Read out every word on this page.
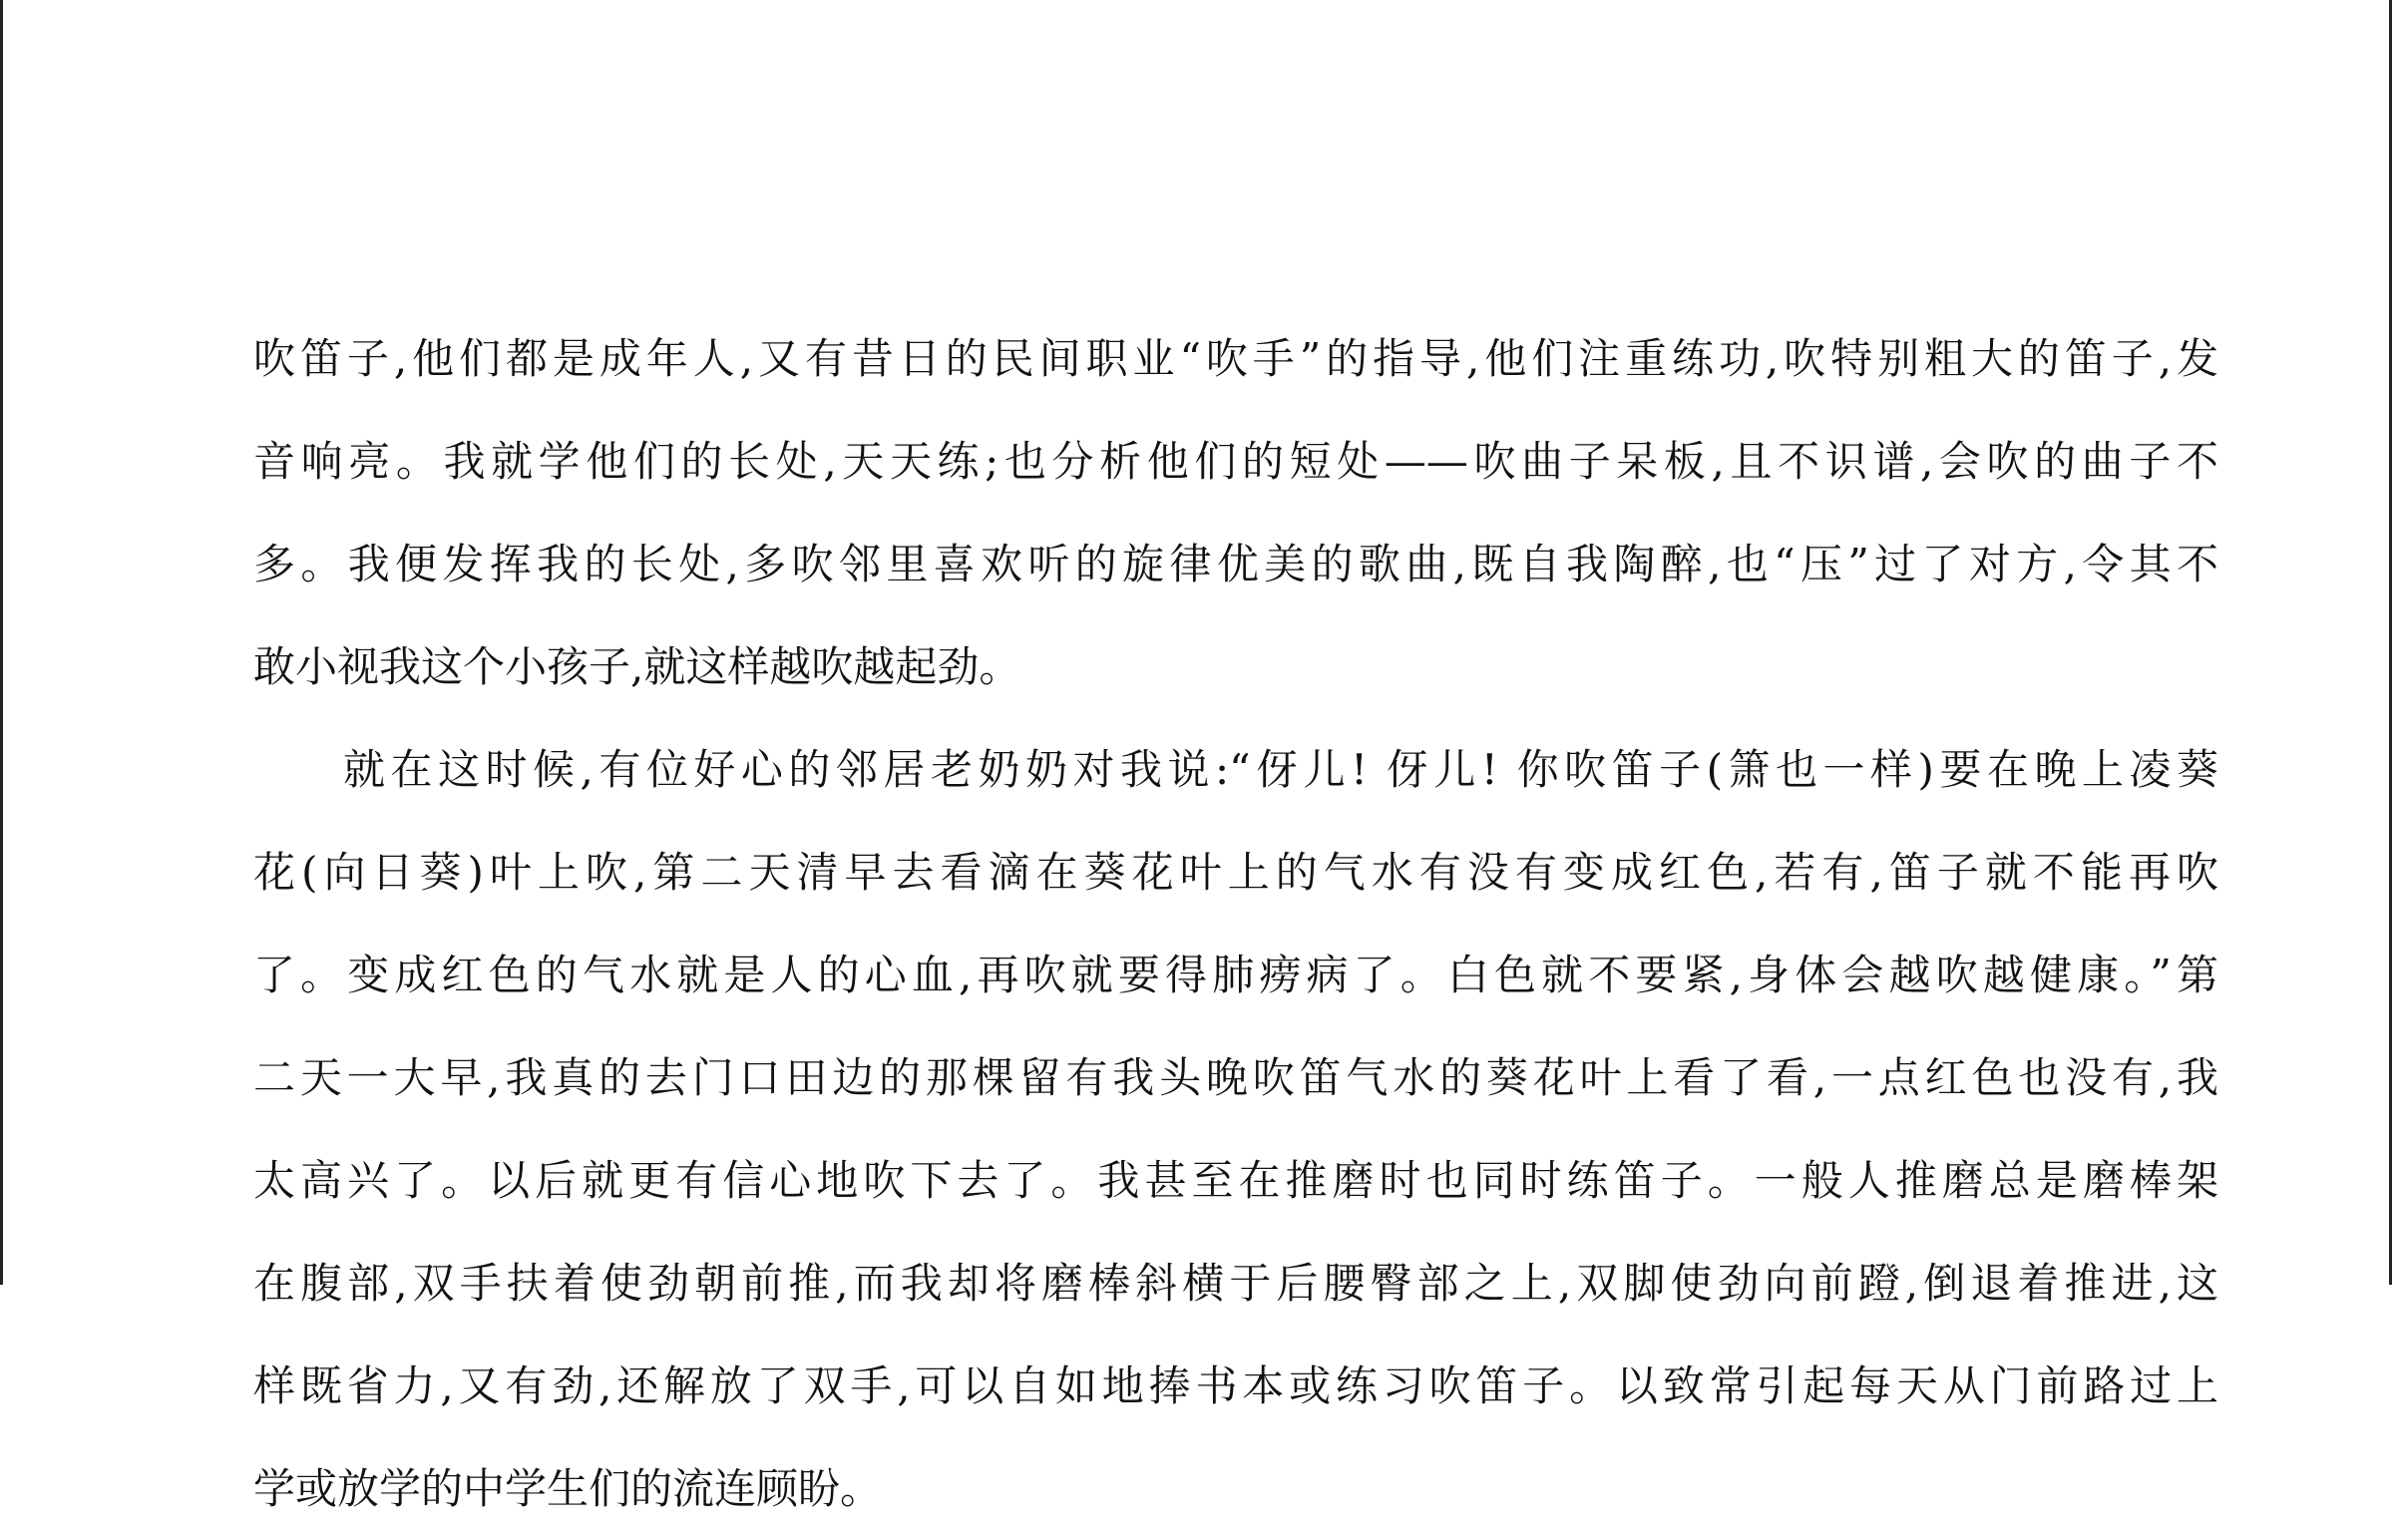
吹笛子,他们都是成年人,又有昔日的民间职业“吹手”的指导,他们注重练功,吹特别粗大的笛子,发
音响亮。我就学他们的长处,天天练;也分析他们的短处——吹曲子呆板,且不识谱,会吹的曲子不
多。我便发挥我的长处,多吹邻里喜欢听的旋律优美的歌曲,既自我陶醉,也“压”过了对方,令其不
敢小视我这个小孩子,就这样越吹越起劲。
就在这时候,有位好心的邻居老奶奶对我说:“伢儿! 伢儿! 你吹笛子(箫也一样)要在晚上凌葵
花(向日葵)叶上吹,第二天清早去看滴在葵花叶上的气水有没有变成红色,若有,笛子就不能再吹
了。变成红色的气水就是人的心血,再吹就要得肺痨病了。白色就不要紧,身体会越吹越健康。”第
二天一大早,我真的去门口田边的那棵留有我头晚吹笛气水的葵花叶上看了看,一点红色也没有,我
太高兴了。以后就更有信心地吹下去了。我甚至在推磨时也同时练笛子。一般人推磨总是磨棒架
在腹部,双手扶着使劲朝前推,而我却将磨棒斜横于后腰臀部之上,双脚使劲向前蹬,倒退着推进,这
样既省力,又有劲,还解放了双手,可以自如地捧书本或练习吹笛子。以致常引起每天从门前路过上
学或放学的中学生们的流连顾盼。
